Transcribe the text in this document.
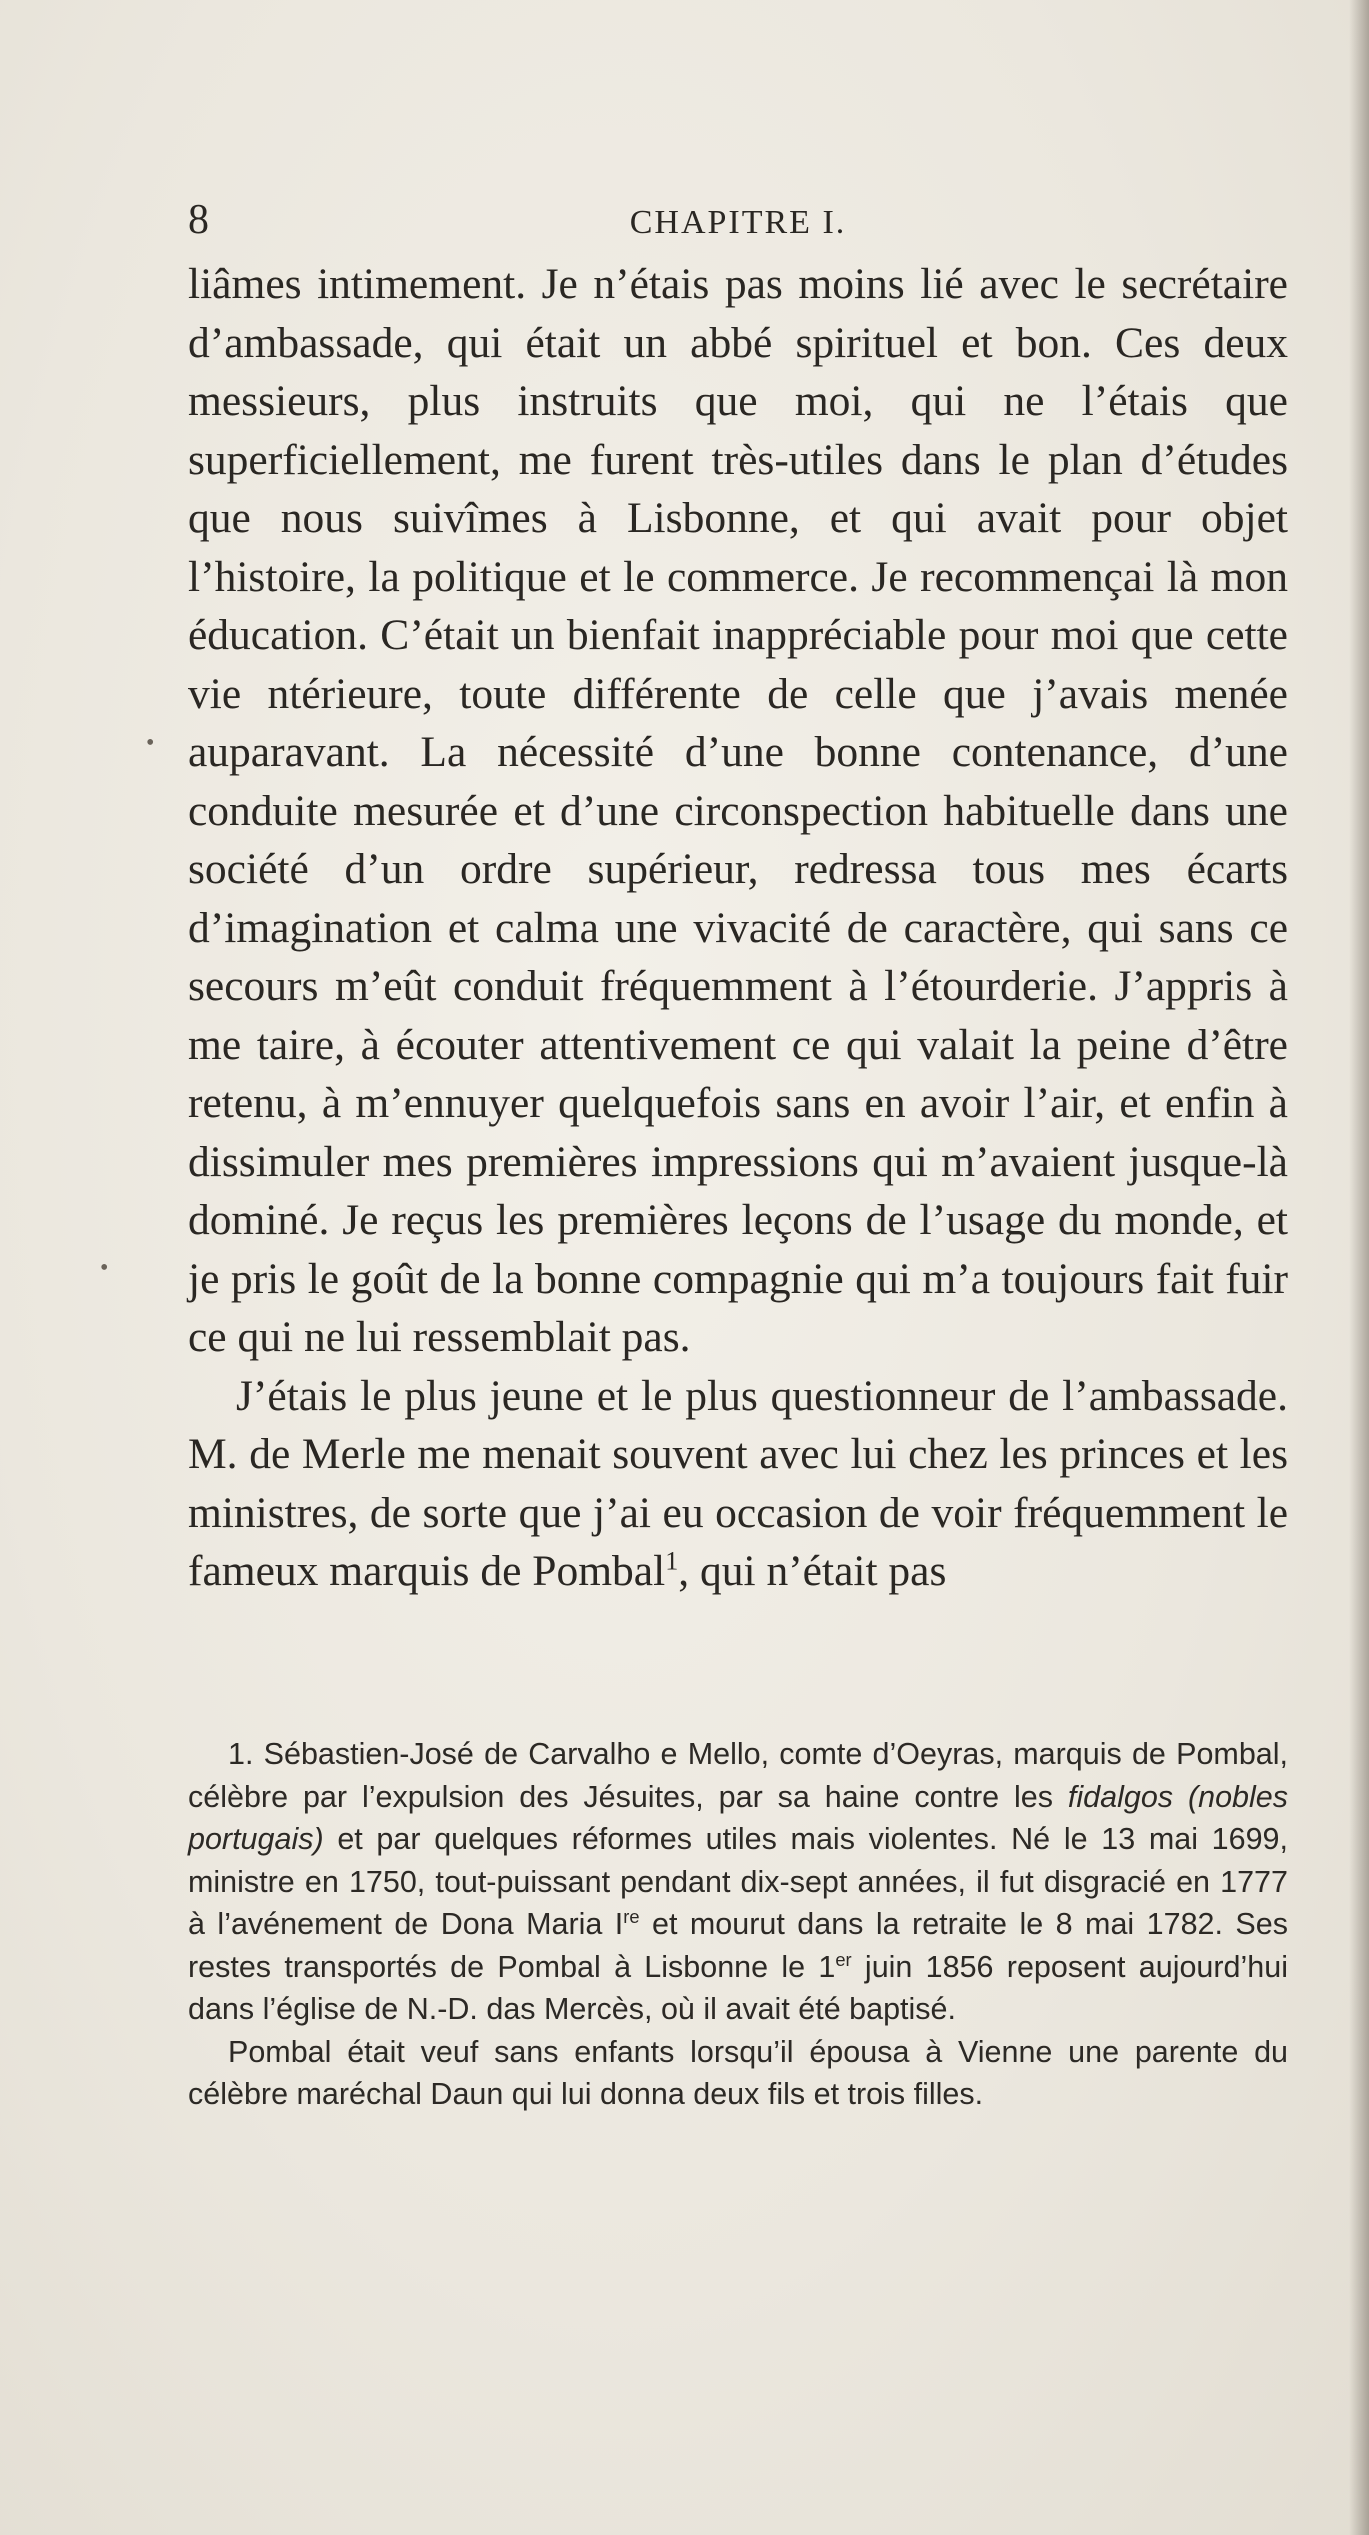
8	CHAPITRE I.
•
•

liâmes intimement. Je n’étais pas moins lié avec le secrétaire d’ambassade, qui était un abbé spirituel et bon. Ces deux messieurs, plus instruits que moi, qui ne l’étais que superficiellement, me furent très-utiles dans le plan d’études que nous suivîmes à Lisbonne, et qui avait pour objet l’histoire, la politique et le commerce. Je recommençai là mon éducation. C’était un bienfait inappréciable pour moi que cette vie ntérieure, toute différente de celle que j’avais menée auparavant. La nécessité d’une bonne contenance, d’une conduite mesurée et d’une circonspection habituelle dans une société d’un ordre supérieur, redressa tous mes écarts d’imagination et calma une vivacité de caractère, qui sans ce secours m’eût conduit fréquemment à l’étourderie. J’appris à me taire, à écouter attentivement ce qui valait la peine d’être retenu, à m’ennuyer quelquefois sans en avoir l’air, et enfin à dissimuler mes premières impressions qui m’avaient jusque-là dominé. Je reçus les premières leçons de l’usage du monde, et je pris le goût de la bonne compagnie qui m’a toujours fait fuir ce qui ne lui ressemblait pas.

J’étais le plus jeune et le plus questionneur de l’ambassade. M. de Merle me menait souvent avec lui chez les princes et les ministres, de sorte que j’ai eu occasion de voir fréquemment le fameux marquis de Pombal$^1$, qui n’était pas

1. Sébastien-José de Carvalho e Mello, comte d’Oeyras, marquis de Pombal, célèbre par l’expulsion des Jésuites, par sa haine contre les fidalgos (nobles portugais) et par quelques réformes utiles mais violentes. Né le 13 mai 1699, ministre en 1750, tout-puissant pendant dix-sept années, il fut disgracié en 1777 à l’avénement de Dona Maria Ire et mourut dans la retraite le 8 mai 1782. Ses restes transportés de Pombal à Lisbonne le 1er juin 1856 reposent aujourd’hui dans l’église de N.-D. das Mercès, où il avait été baptisé.

Pombal était veuf sans enfants lorsqu’il épousa à Vienne une parente du célèbre maréchal Daun qui lui donna deux fils et trois filles.
